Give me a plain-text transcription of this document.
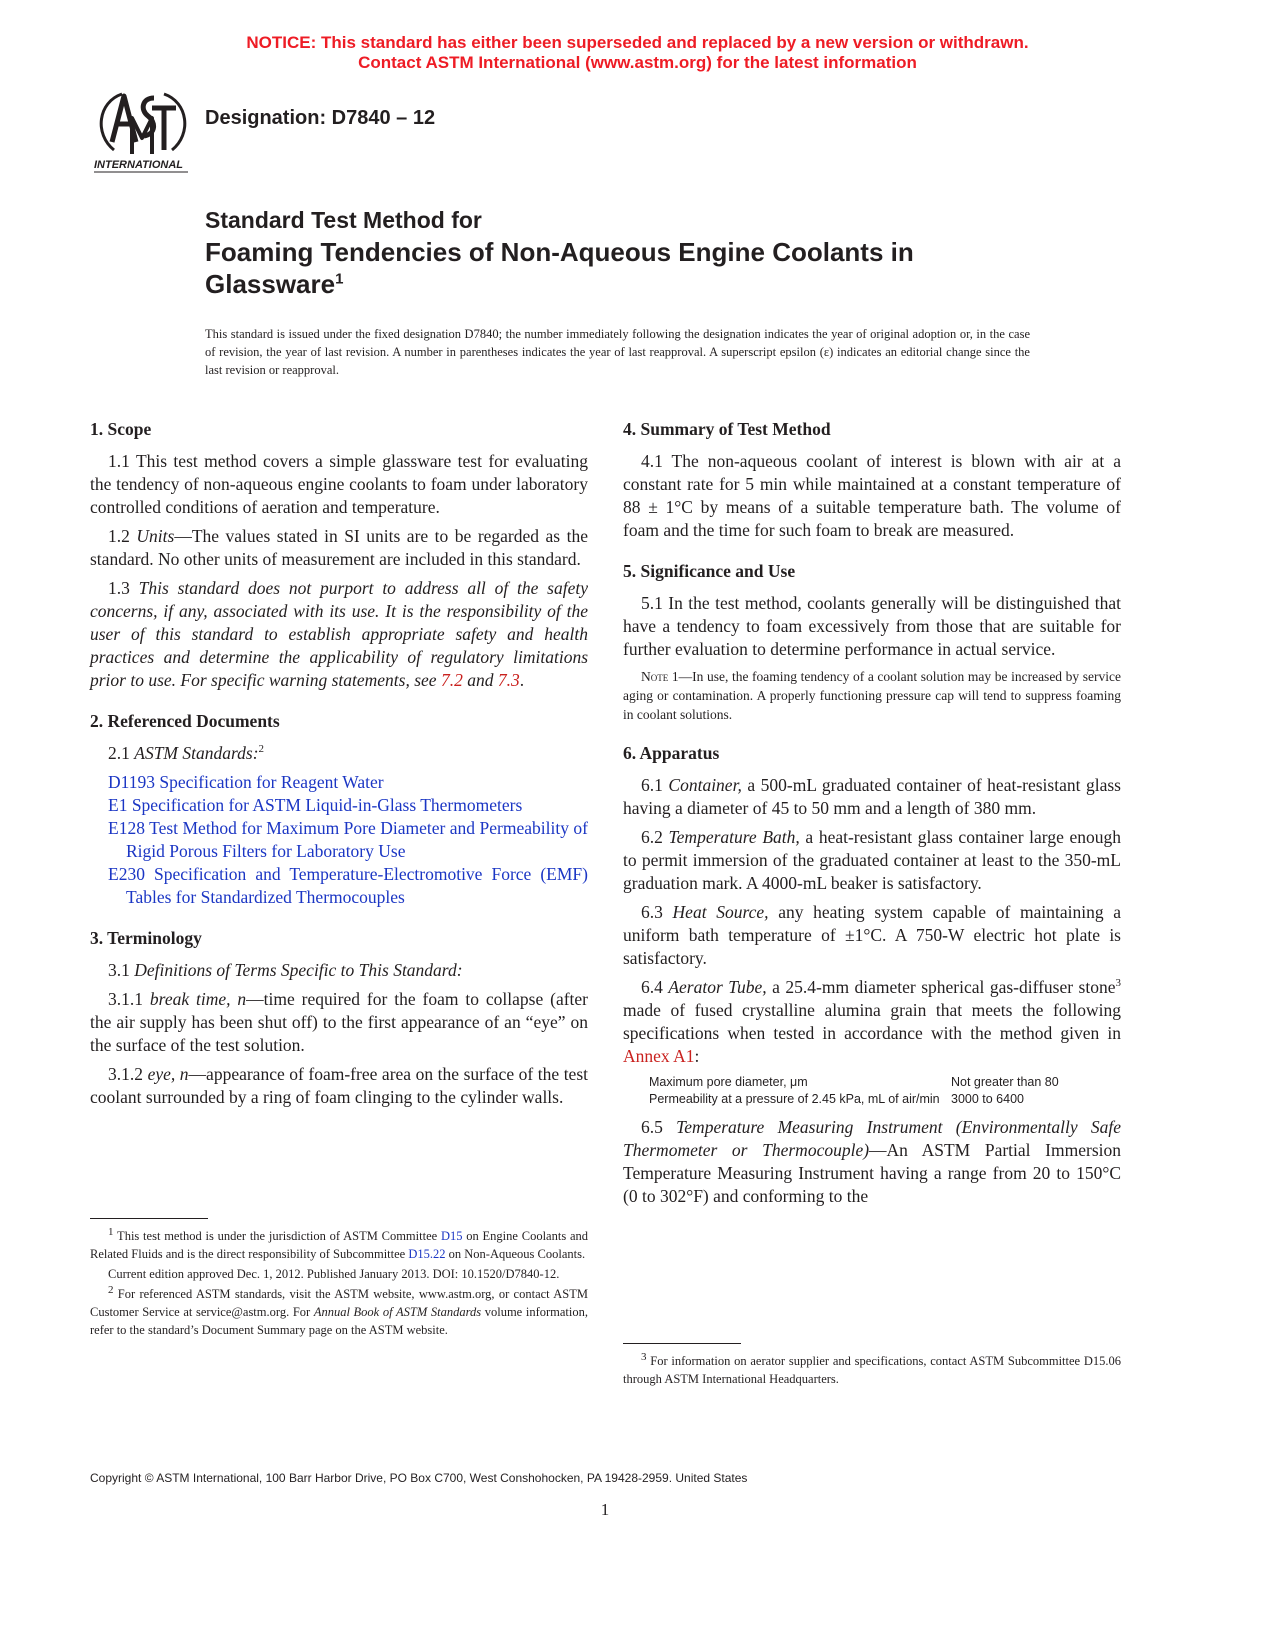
NOTICE: This standard has either been superseded and replaced by a new version or withdrawn.
Contact ASTM International (www.astm.org) for the latest information
INTERNATIONAL
Designation: D7840 – 12
Standard Test Method for
Foaming Tendencies of Non-Aqueous Engine Coolants in Glassware$^1$
This standard is issued under the fixed designation D7840; the number immediately following the designation indicates the year of original adoption or, in the case of revision, the year of last revision. A number in parentheses indicates the year of last reapproval. A superscript epsilon (ε) indicates an editorial change since the last revision or reapproval.
1. Scope

1.1 This test method covers a simple glassware test for evaluating the tendency of non-aqueous engine coolants to foam under laboratory controlled conditions of aeration and temperature.

1.2 Units—The values stated in SI units are to be regarded as the standard. No other units of measurement are included in this standard.

1.3 This standard does not purport to address all of the safety concerns, if any, associated with its use. It is the responsibility of the user of this standard to establish appropriate safety and health practices and determine the applicability of regulatory limitations prior to use. For specific warning statements, see 7.2 and 7.3.

2. Referenced Documents

2.1 ASTM Standards:$^2$

D1193 Specification for Reagent Water

E1 Specification for ASTM Liquid-in-Glass Thermometers

E128 Test Method for Maximum Pore Diameter and Permeability of Rigid Porous Filters for Laboratory Use

E230 Specification and Temperature-Electromotive Force (EMF) Tables for Standardized Thermocouples

3. Terminology

3.1 Definitions of Terms Specific to This Standard:

3.1.1 break time, n—time required for the foam to collapse (after the air supply has been shut off) to the first appearance of an “eye” on the surface of the test solution.

3.1.2 eye, n—appearance of foam-free area on the surface of the test coolant surrounded by a ring of foam clinging to the cylinder walls.

$^1$ This test method is under the jurisdiction of ASTM Committee D15 on Engine Coolants and Related Fluids and is the direct responsibility of Subcommittee D15.22 on Non-Aqueous Coolants.

Current edition approved Dec. 1, 2012. Published January 2013. DOI: 10.1520/D7840-12.

$^2$ For referenced ASTM standards, visit the ASTM website, www.astm.org, or contact ASTM Customer Service at service@astm.org. For Annual Book of ASTM Standards volume information, refer to the standard’s Document Summary page on the ASTM website.

4. Summary of Test Method

4.1 The non-aqueous coolant of interest is blown with air at a constant rate for 5 min while maintained at a constant temperature of 88 ± 1°C by means of a suitable temperature bath. The volume of foam and the time for such foam to break are measured.

5. Significance and Use

5.1 In the test method, coolants generally will be distinguished that have a tendency to foam excessively from those that are suitable for further evaluation to determine performance in actual service.

Note 1—In use, the foaming tendency of a coolant solution may be increased by service aging or contamination. A properly functioning pressure cap will tend to suppress foaming in coolant solutions.

6. Apparatus

6.1 Container, a 500-mL graduated container of heat-resistant glass having a diameter of 45 to 50 mm and a length of 380 mm.

6.2 Temperature Bath, a heat-resistant glass container large enough to permit immersion of the graduated container at least to the 350-mL graduation mark. A 4000-mL beaker is satisfactory.

6.3 Heat Source, any heating system capable of maintaining a uniform bath temperature of ±1°C. A 750-W electric hot plate is satisfactory.

6.4 Aerator Tube, a 25.4-mm diameter spherical gas-diffuser stone$^3$ made of fused crystalline alumina grain that meets the following specifications when tested in accordance with the method given in Annex A1:

Maximum pore diameter, μm	Not greater than 80
Permeability at a pressure of 2.45 kPa, mL of air/min 3000 to 6400

6.5 Temperature Measuring Instrument (Environmentally Safe Thermometer or Thermocouple)—An ASTM Partial Immersion Temperature Measuring Instrument having a range from 20 to 150°C (0 to 302°F) and conforming to the

$^3$ For information on aerator supplier and specifications, contact ASTM Subcommittee D15.06 through ASTM International Headquarters.

Copyright © ASTM International, 100 Barr Harbor Drive, PO Box C700, West Conshohocken, PA 19428-2959. United States
1
